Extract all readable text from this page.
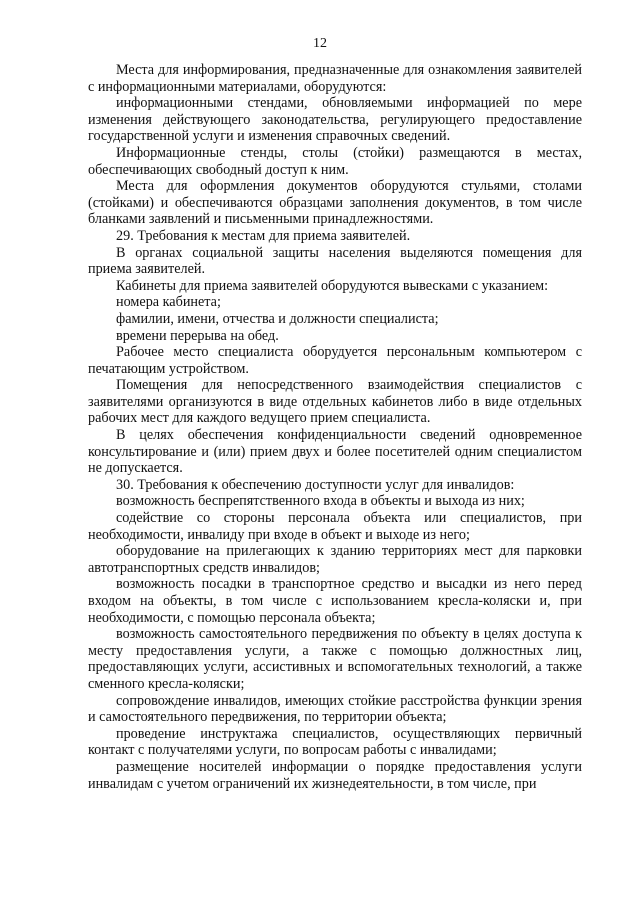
12

Места для информирования, предназначенные для ознакомления заявителей с информационными материалами, оборудуются:

информационными стендами, обновляемыми информацией по мере изменения действующего законодательства, регулирующего предоставление государственной услуги и изменения справочных сведений.

Информационные стенды, столы (стойки) размещаются в местах, обеспечивающих свободный доступ к ним.

Места для оформления документов оборудуются стульями, столами (стойками) и обеспечиваются образцами заполнения документов, в том числе бланками заявлений и письменными принадлежностями.

29. Требования к местам для приема заявителей.

В органах социальной защиты населения выделяются помещения для приема заявителей.

Кабинеты для приема заявителей оборудуются вывесками с указанием:

номера кабинета;

фамилии, имени, отчества и должности специалиста;

времени перерыва на обед.

Рабочее место специалиста оборудуется персональным компьютером с печатающим устройством.

Помещения для непосредственного взаимодействия специалистов с заявителями организуются в виде отдельных кабинетов либо в виде отдельных рабочих мест для каждого ведущего прием специалиста.

В целях обеспечения конфиденциальности сведений одновременное консультирование и (или) прием двух и более посетителей одним специалистом не допускается.

30. Требования к обеспечению доступности услуг для инвалидов:

возможность беспрепятственного входа в объекты и выхода из них;

содействие со стороны персонала объекта или специалистов, при необходимости, инвалиду при входе в объект и выходе из него;

оборудование на прилегающих к зданию территориях мест для парковки автотранспортных средств инвалидов;

возможность посадки в транспортное средство и высадки из него перед входом на объекты, в том числе с использованием кресла-коляски и, при необходимости, с помощью персонала объекта;

возможность самостоятельного передвижения по объекту в целях доступа к месту предоставления услуги, а также с помощью должностных лиц, предоставляющих услуги, ассистивных и вспомогательных технологий, а также сменного кресла-коляски;

сопровождение инвалидов, имеющих стойкие расстройства функции зрения и самостоятельного передвижения, по территории объекта;

проведение инструктажа специалистов, осуществляющих первичный контакт с получателями услуги, по вопросам работы с инвалидами;

размещение носителей информации о порядке предоставления услуги инвалидам с учетом ограничений их жизнедеятельности, в том числе, при
